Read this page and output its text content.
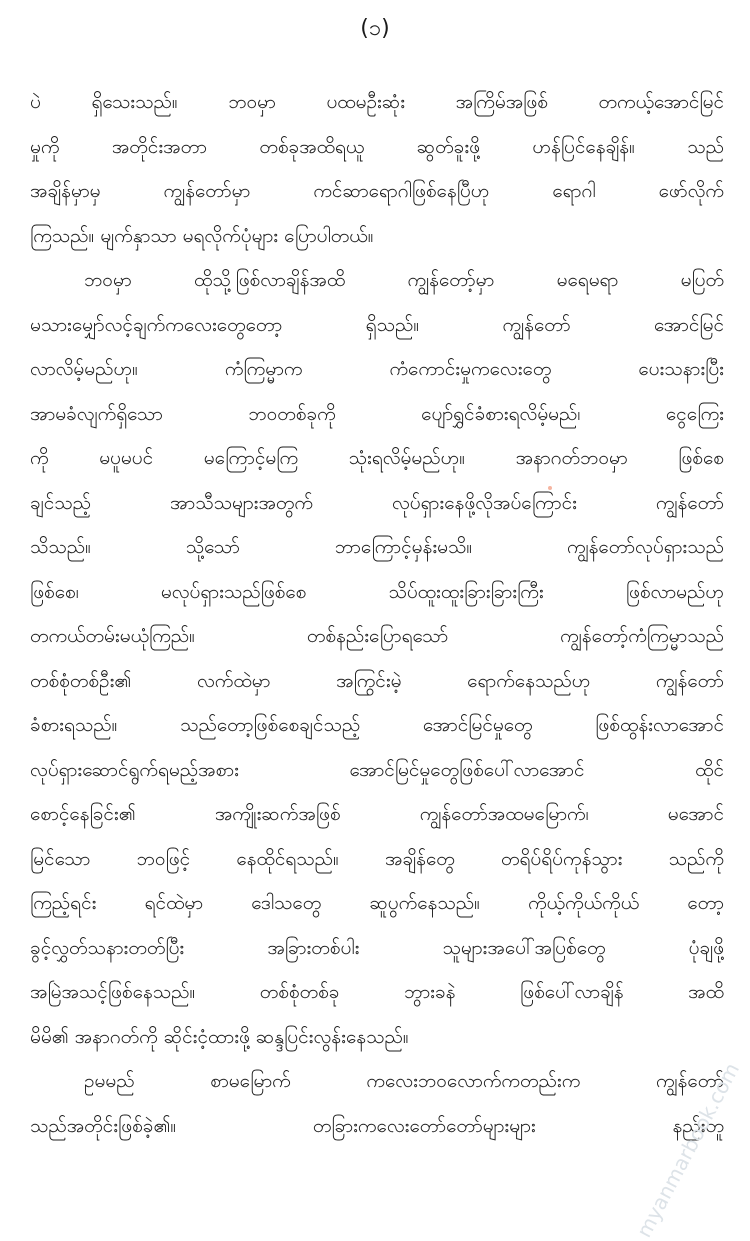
(၁)
ပဲ ရှိသေးသည်။ ဘဝမှာ ပထမဦးဆုံး အကြိမ်အဖြစ် တကယ့်အောင်မြင်
မှုကို အတိုင်းအတာ တစ်ခုအထိရယူ ဆွတ်ခူးဖို့ ဟန်ပြင်နေချိန်။ သည်
အချိန်မှာမှ ကျွန်တော်မှာ ကင်ဆာရောဂါဖြစ်နေပြီဟု ရောဂါ ဖော်လိုက်
ကြသည်။ မျက်နှာသာ မရလိုက်ပုံများ ပြောပါတယ်။
ဘဝမှာ ထိုသို့ဖြစ်လာချိန်အထိ ကျွန်တော့်မှာ မရေမရာ မပြတ်
မသားမျှော်လင့်ချက်ကလေးတွေတော့ ရှိသည်။ ကျွန်တော် အောင်မြင်
လာလိမ့်မည်ဟု။ ကံကြမ္မာက ကံကောင်းမှုကလေးတွေ ပေးသနားပြီး
အာမခံလျက်ရှိသော ဘဝတစ်ခုကို ပျော်ရွှင်ခံစားရလိမ့်မည်၊ ငွေကြေး
ကို မပူမပင် မကြောင့်မကြ သုံးရလိမ့်မည်ဟု။ အနာဂတ်ဘဝမှာ ဖြစ်စေ
ချင်သည့် အာသီသများအတွက် လုပ်ရှားနေဖို့လိုအပ်ကြောင်း ကျွန်တော်
သိသည်။ သို့သော် ဘာကြောင့်မှန်းမသိ။ ကျွန်တော်လုပ်ရှားသည်
ဖြစ်စေ၊ မလုပ်ရှားသည်ဖြစ်စေ သိပ်ထူးထူးခြားခြားကြီး ဖြစ်လာမည်ဟု
တကယ်တမ်းမယုံကြည်။ တစ်နည်းပြောရသော် ကျွန်တော့်ကံကြမ္မာသည်
တစ်စုံတစ်ဦး၏ လက်ထဲမှာ အကြွင်းမဲ့ ရောက်နေသည်ဟု ကျွန်တော်
ခံစားရသည်။ သည်တော့ဖြစ်စေချင်သည့် အောင်မြင်မှုတွေ ဖြစ်ထွန်းလာအောင်
လုပ်ရှားဆောင်ရွက်ရမည့်အစား အောင်မြင်မှုတွေဖြစ်ပေါ်လာအောင် ထိုင်
စောင့်နေခြင်း၏ အကျိုးဆက်အဖြစ် ကျွန်တော်အထမမြောက်၊ မအောင်
မြင်သော ဘဝဖြင့် နေထိုင်ရသည်။ အချိန်တွေ တရိပ်ရိပ်ကုန်သွား သည်ကို
ကြည့်ရင်း ရင်ထဲမှာ ဒေါသတွေ ဆူပွက်နေသည်။ ကိုယ့်ကိုယ်ကိုယ် တော့
ခွင့်လွှတ်သနားတတ်ပြီး အခြားတစ်ပါး သူများအပေါ်အပြစ်တွေ ပုံချဖို့
အမြဲအသင့်ဖြစ်နေသည်။ တစ်စုံတစ်ခု ဘွားခနဲ ဖြစ်ပေါ်လာချိန် အထိ
မိမိ၏ အနာဂတ်ကို ဆိုင်းငံ့ထားဖို့ ဆန္ဒပြင်းလွန်းနေသည်။
ဥမမည် စာမမြောက် ကလေးဘဝလောက်ကတည်းက ကျွန်တော်
သည်အတိုင်းဖြစ်ခဲ့၏။ တခြားကလေးတော်တော်များများ နည်းတူ
myanmarbook.com
